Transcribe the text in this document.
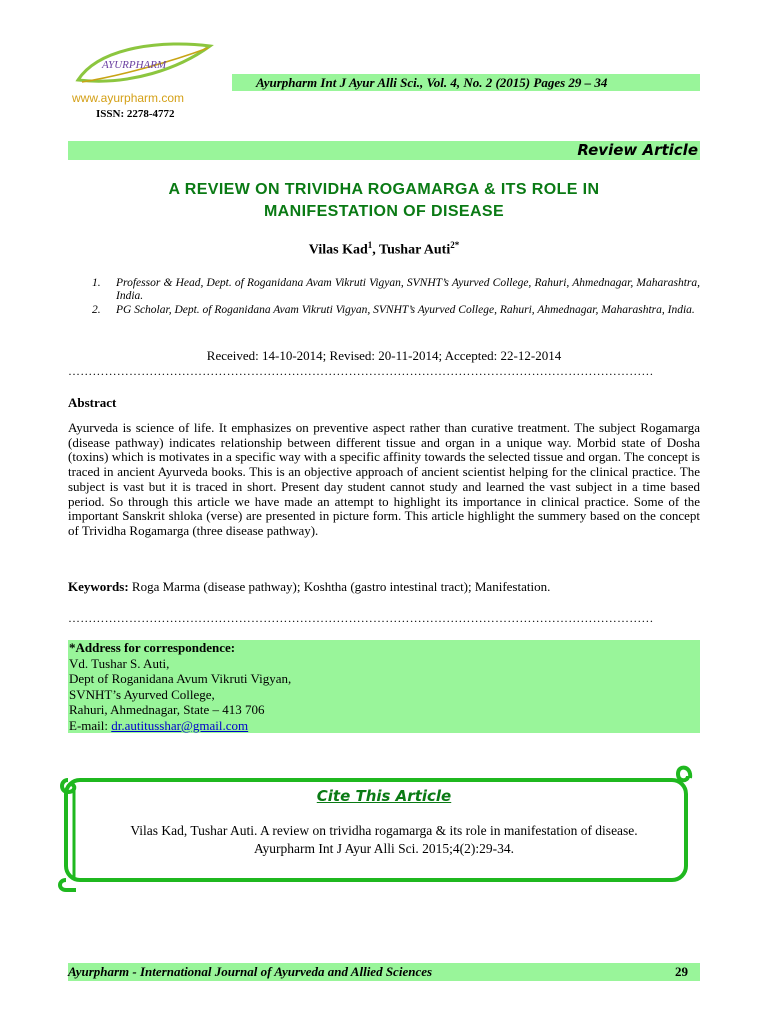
AYURPHARM
www.ayurpharm.com
ISSN: 2278-4772
Ayurpharm Int J Ayur Alli Sci., Vol. 4, No. 2 (2015) Pages 29 – 34
Review Article
A REVIEW ON TRIVIDHA ROGAMARGA & ITS ROLE IN
MANIFESTATION OF DISEASE
Vilas Kad$^1$, Tushar Auti$^{2*}$
1. Professor & Head, Dept. of Roganidana Avam Vikruti Vigyan, SVNHT’s Ayurved College, Rahuri, Ahmednagar, Maharashtra, India.
2. PG Scholar, Dept. of Roganidana Avam Vikruti Vigyan, SVNHT’s Ayurved College, Rahuri, Ahmednagar, Maharashtra, India.
Received: 14-10-2014; Revised: 20-11-2014; Accepted: 22-12-2014
………………………………………………………………………………………………………………………………
Abstract
Ayurveda is science of life. It emphasizes on preventive aspect rather than curative treatment. The subject Rogamarga (disease pathway) indicates relationship between different tissue and organ in a unique way. Morbid state of Dosha (toxins) which is motivates in a specific way with a specific affinity towards the selected tissue and organ. The concept is traced in ancient Ayurveda books. This is an objective approach of ancient scientist helping for the clinical practice. The subject is vast but it is traced in short. Present day student cannot study and learned the vast subject in a time based period. So through this article we have made an attempt to highlight its importance in clinical practice. Some of the important Sanskrit shloka (verse) are presented in picture form. This article highlight the summery based on the concept of Trividha Rogamarga (three disease pathway).
Keywords: Roga Marma (disease pathway); Koshtha (gastro intestinal tract); Manifestation.
………………………………………………………………………………………………………………………………
*Address for correspondence:
Vd. Tushar S. Auti,
Dept of Roganidana Avum Vikruti Vigyan,
SVNHT’s Ayurved College,
Rahuri, Ahmednagar, State – 413 706
E-mail: dr.autitusshar@gmail.com
Cite This Article
Vilas Kad, Tushar Auti. A review on trividha rogamarga & its role in manifestation of disease.
Ayurpharm Int J Ayur Alli Sci. 2015;4(2):29-34.
Ayurpharm - International Journal of Ayurveda and Allied Sciences	29
